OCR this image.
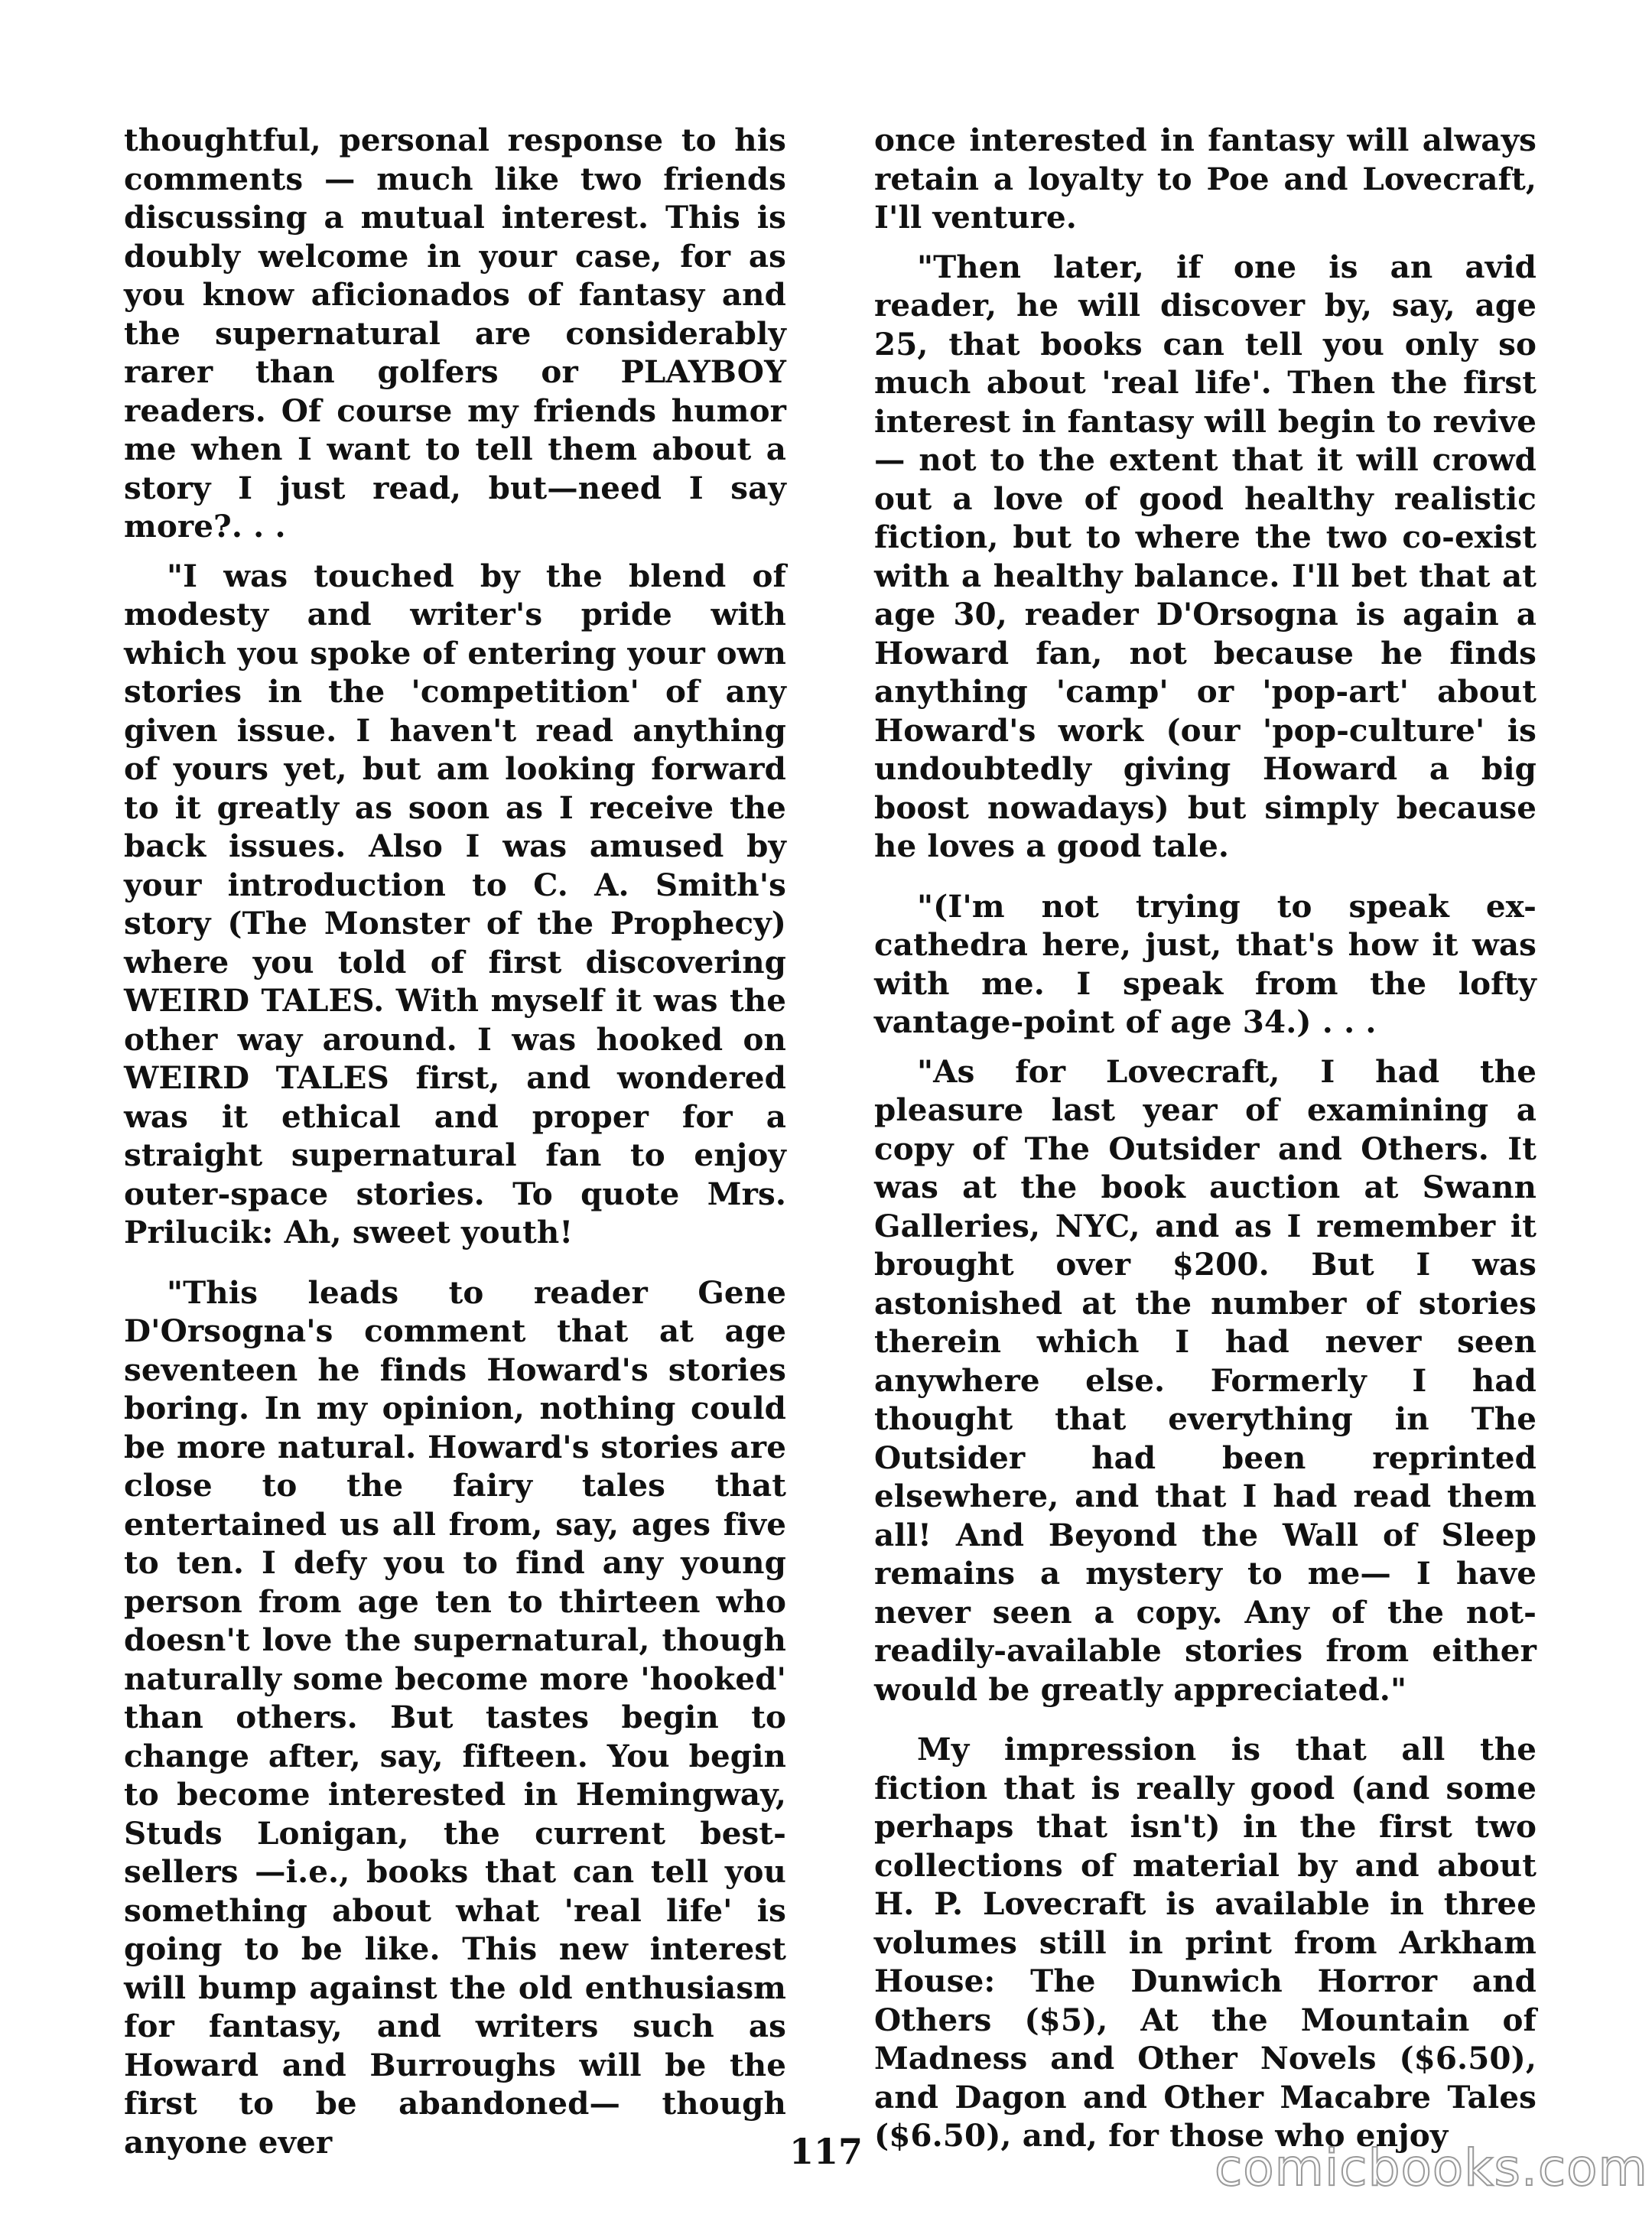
thoughtful, personal response to his comments — much like two friends discussing a mutual interest. This is doubly welcome in your case, for as you know aficionados of fantasy and the supernatural are considerably rarer than golfers or PLAYBOY readers. Of course my friends humor me when I want to tell them about a story I just read, but—need I say more?. . .

"I was touched by the blend of modesty and writer's pride with which you spoke of entering your own stories in the 'competition' of any given issue. I haven't read anything of yours yet, but am looking forward to it greatly as soon as I receive the back issues. Also I was amused by your introduction to C. A. Smith's story (The Monster of the Prophecy) where you told of first discovering WEIRD TALES. With myself it was the other way around. I was hooked on WEIRD TALES first, and wondered was it ethical and proper for a straight supernatural fan to enjoy outer-space stories. To quote Mrs. Prilucik: Ah, sweet youth!

"This leads to reader Gene D'Orsogna's comment that at age seventeen he finds Howard's stories boring. In my opinion, nothing could be more natural. Howard's stories are close to the fairy tales that entertained us all from, say, ages five to ten. I defy you to find any young person from age ten to thirteen who doesn't love the supernatural, though naturally some become more 'hooked' than others. But tastes begin to change after, say, fifteen. You begin to become interested in Hemingway, Studs Lonigan, the current best-sellers —i.e., books that can tell you something about what 'real life' is going to be like. This new interest will bump against the old enthusiasm for fantasy, and writers such as Howard and Burroughs will be the first to be abandoned— though anyone ever

once interested in fantasy will always retain a loyalty to Poe and Lovecraft, I'll venture.

"Then later, if one is an avid reader, he will discover by, say, age 25, that books can tell you only so much about 'real life'. Then the first interest in fantasy will begin to revive— not to the extent that it will crowd out a love of good healthy realistic fiction, but to where the two co-exist with a healthy balance. I'll bet that at age 30, reader D'Orsogna is again a Howard fan, not because he finds anything 'camp' or 'pop-art' about Howard's work (our 'pop-culture' is undoubtedly giving Howard a big boost nowadays) but simply because he loves a good tale.

"(I'm not trying to speak ex-cathedra here, just, that's how it was with me. I speak from the lofty vantage-point of age 34.) . . .

"As for Lovecraft, I had the pleasure last year of examining a copy of The Outsider and Others. It was at the book auction at Swann Galleries, NYC, and as I remember it brought over $200. But I was astonished at the number of stories therein which I had never seen anywhere else. Formerly I had thought that everything in The Outsider had been reprinted elsewhere, and that I had read them all! And Beyond the Wall of Sleep remains a mystery to me— I have never seen a copy. Any of the not-readily-available stories from either would be greatly appreciated."

My impression is that all the fiction that is really good (and some perhaps that isn't) in the first two collections of material by and about H. P. Lovecraft is available in three volumes still in print from Arkham House: The Dunwich Horror and Others ($5), At the Mountain of Madness and Other Novels ($6.50), and Dagon and Other Macabre Tales ($6.50), and, for those who enjoy

117	comicbooks.com
